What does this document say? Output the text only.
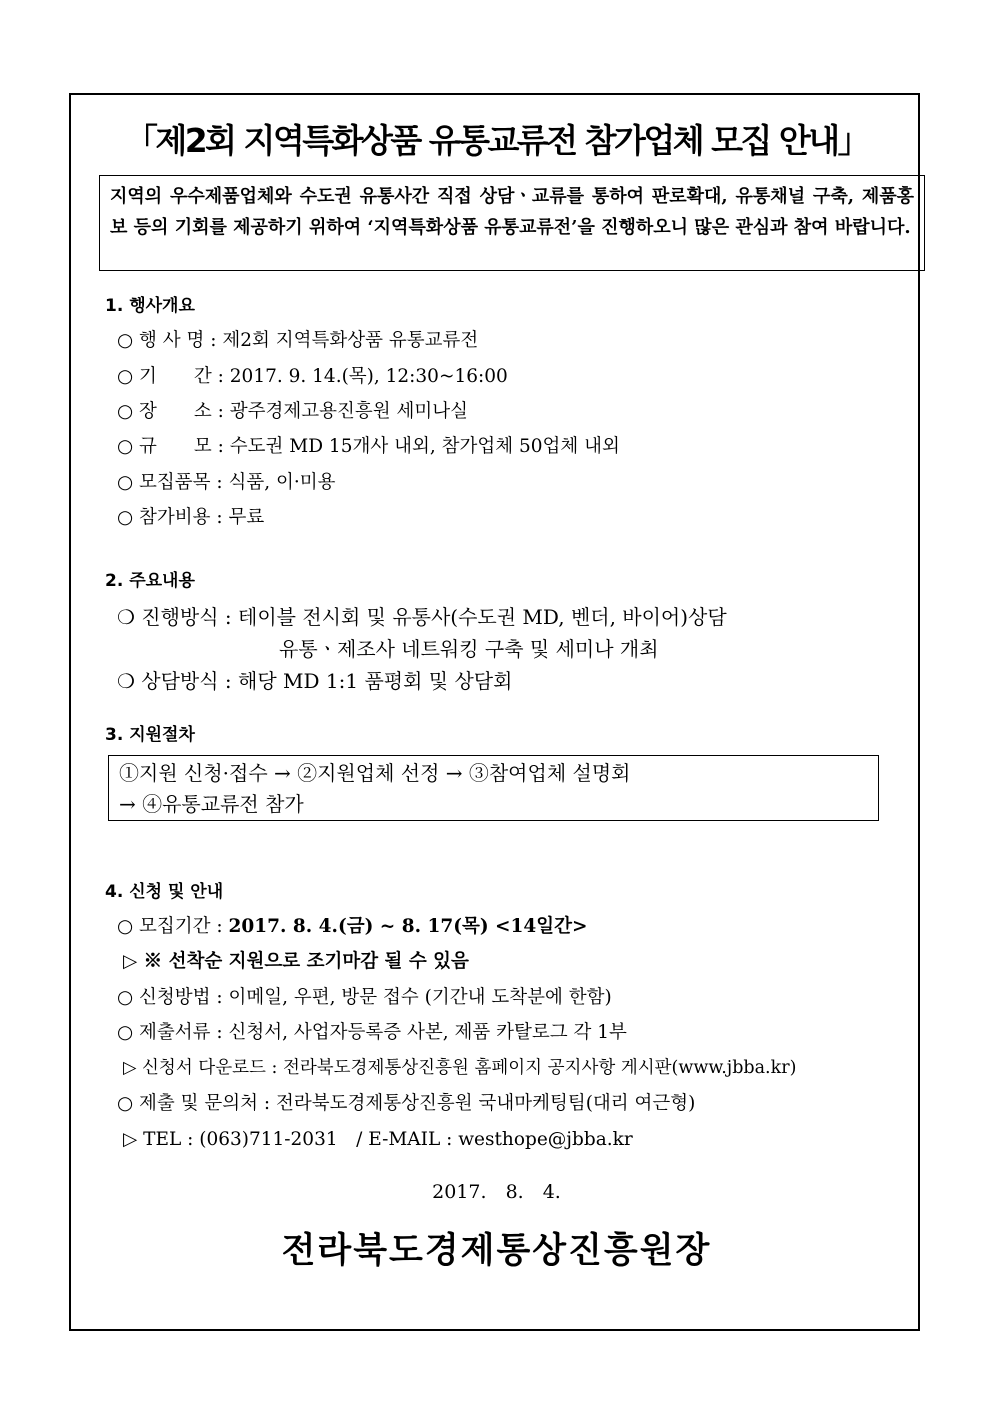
「제2회 지역특화상품 유통교류전 참가업체 모집 안내」
지역의 우수제품업체와 수도권 유통사간 직접 상담ㆍ교류를 통하여 판로확대, 유통채널 구축, 제품홍보 등의 기회를 제공하기 위하여 ‘지역특화상품 유통교류전’을 진행하오니 많은 관심과 참여 바랍니다.
1. 행사개요
○ 행 사 명 : 제2회 지역특화상품 유통교류전
○ 기　　간 : 2017. 9. 14.(목), 12:30~16:00
○ 장　　소 : 광주경제고용진흥원 세미나실
○ 규　　모 : 수도권 MD 15개사 내외, 참가업체 50업체 내외
○ 모집품목 : 식품, 이·미용
○ 참가비용 : 무료
2. 주요내용
❍ 진행방식 : 테이블 전시회 및 유통사(수도권 MD, 벤더, 바이어)상담
유통ㆍ제조사 네트워킹 구축 및 세미나 개최
❍ 상담방식 : 해당 MD 1:1 품평회 및 상담회
3. 지원절차
①지원 신청·접수 → ②지원업체 선정 → ③참여업체 설명회
→ ④유통교류전 참가
4. 신청 및 안내
○ 모집기간 : 2017. 8. 4.(금) ~ 8. 17(목) <14일간>
▷ ※ 선착순 지원으로 조기마감 될 수 있음
○ 신청방법 : 이메일, 우편, 방문 접수 (기간내 도착분에 한함)
○ 제출서류 : 신청서, 사업자등록증 사본, 제품 카탈로그 각 1부
▷ 신청서 다운로드 : 전라북도경제통상진흥원 홈페이지 공지사항 게시판(www.jbba.kr)
○ 제출 및 문의처 : 전라북도경제통상진흥원 국내마케팅팀(대리 여근형)
▷ TEL : (063)711-2031　/ E-MAIL : westhope@jbba.kr
2017.　8.　4.
전라북도경제통상진흥원장
